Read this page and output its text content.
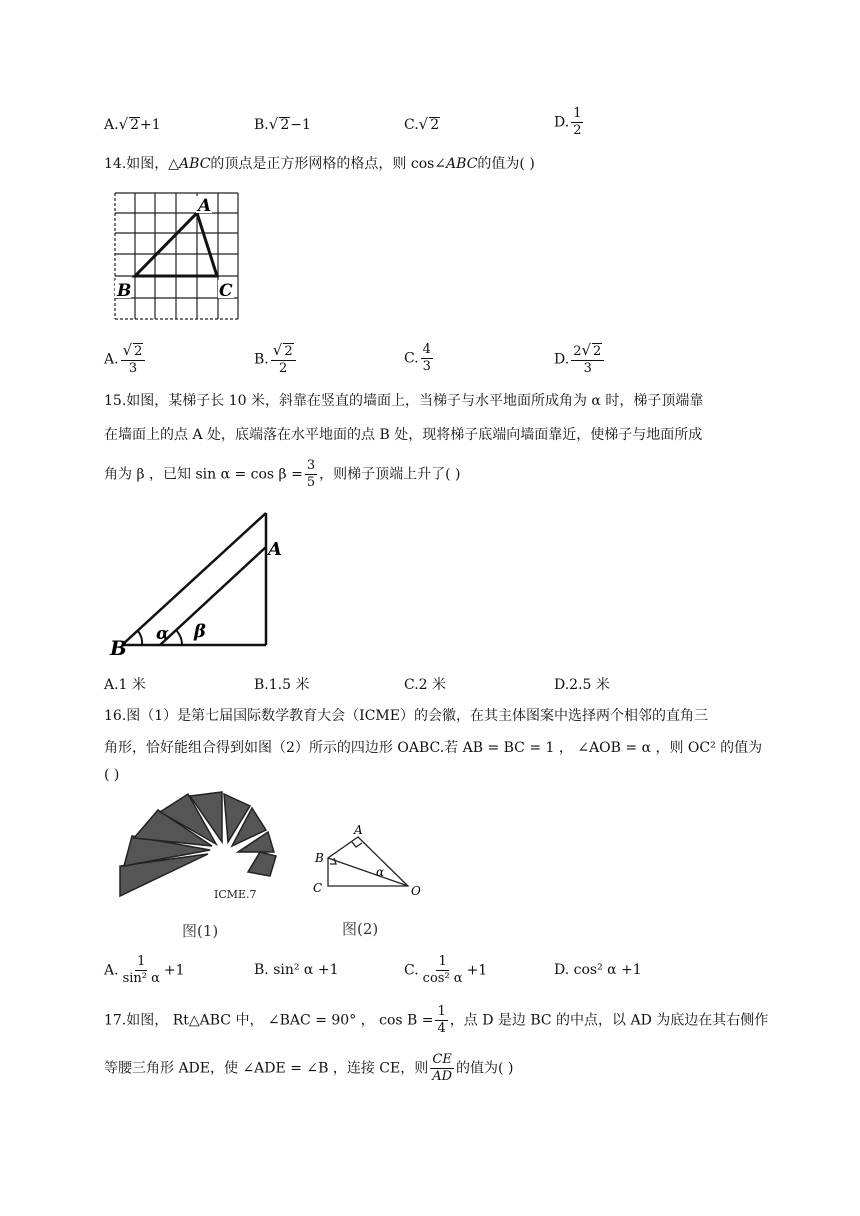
A.√ 2+1	B.√ 2−1	C.√ 2	D. $\frac{1}{2}$
14.如图，△ABC的顶点是正方形网格的格点，则 cos∠ABC的值为( )
A
B	C
A. $\frac{√ 2}{3}$	B. $\frac{√ 2}{2}$	C. $\frac{4}{3}$	D. $\frac{2√ 2}{3}$
15.如图，某梯子长 10 米，斜靠在竖直的墙面上，当梯子与水平地面所成角为 α 时，梯子顶端靠
在墙面上的点 A 处，底端落在水平地面的点 B 处，现将梯子底端向墙面靠近，使梯子与地面所成
角为 β ，已知 $\sin \alpha = \cos \beta = \frac{3}{5}$ ，则梯子顶端上升了( )
A
B
α β
A.1 米	B.1.5 米	C.2 米	D.2.5 米
16.图（1）是第七届国际数学教育大会（ICME）的会徽，在其主体图案中选择两个相邻的直角三
角形，恰好能组合得到如图（2）所示的四边形 OABC.若 AB = BC = 1 ， ∠AOB = α ，则 OC² 的值为
( )
ICME.7
图(1)
A
B
C	O
α
图(2)
A. $\frac{1}{\text{sin² α}} +1$	B. sin² α +1	C. $\frac{1}{\text{cos² α}} +1$	D. cos² α +1
17.如图， Rt△ABC 中， ∠BAC = 90° ， $\cos B = \frac{1}{4}$ ，点 D 是边 BC 的中点，以 AD 为底边在其右侧作
等腰三角形 ADE，使 ∠ADE = ∠B ，连接 CE，则 $\frac{CE}{AD}$ 的值为( )
